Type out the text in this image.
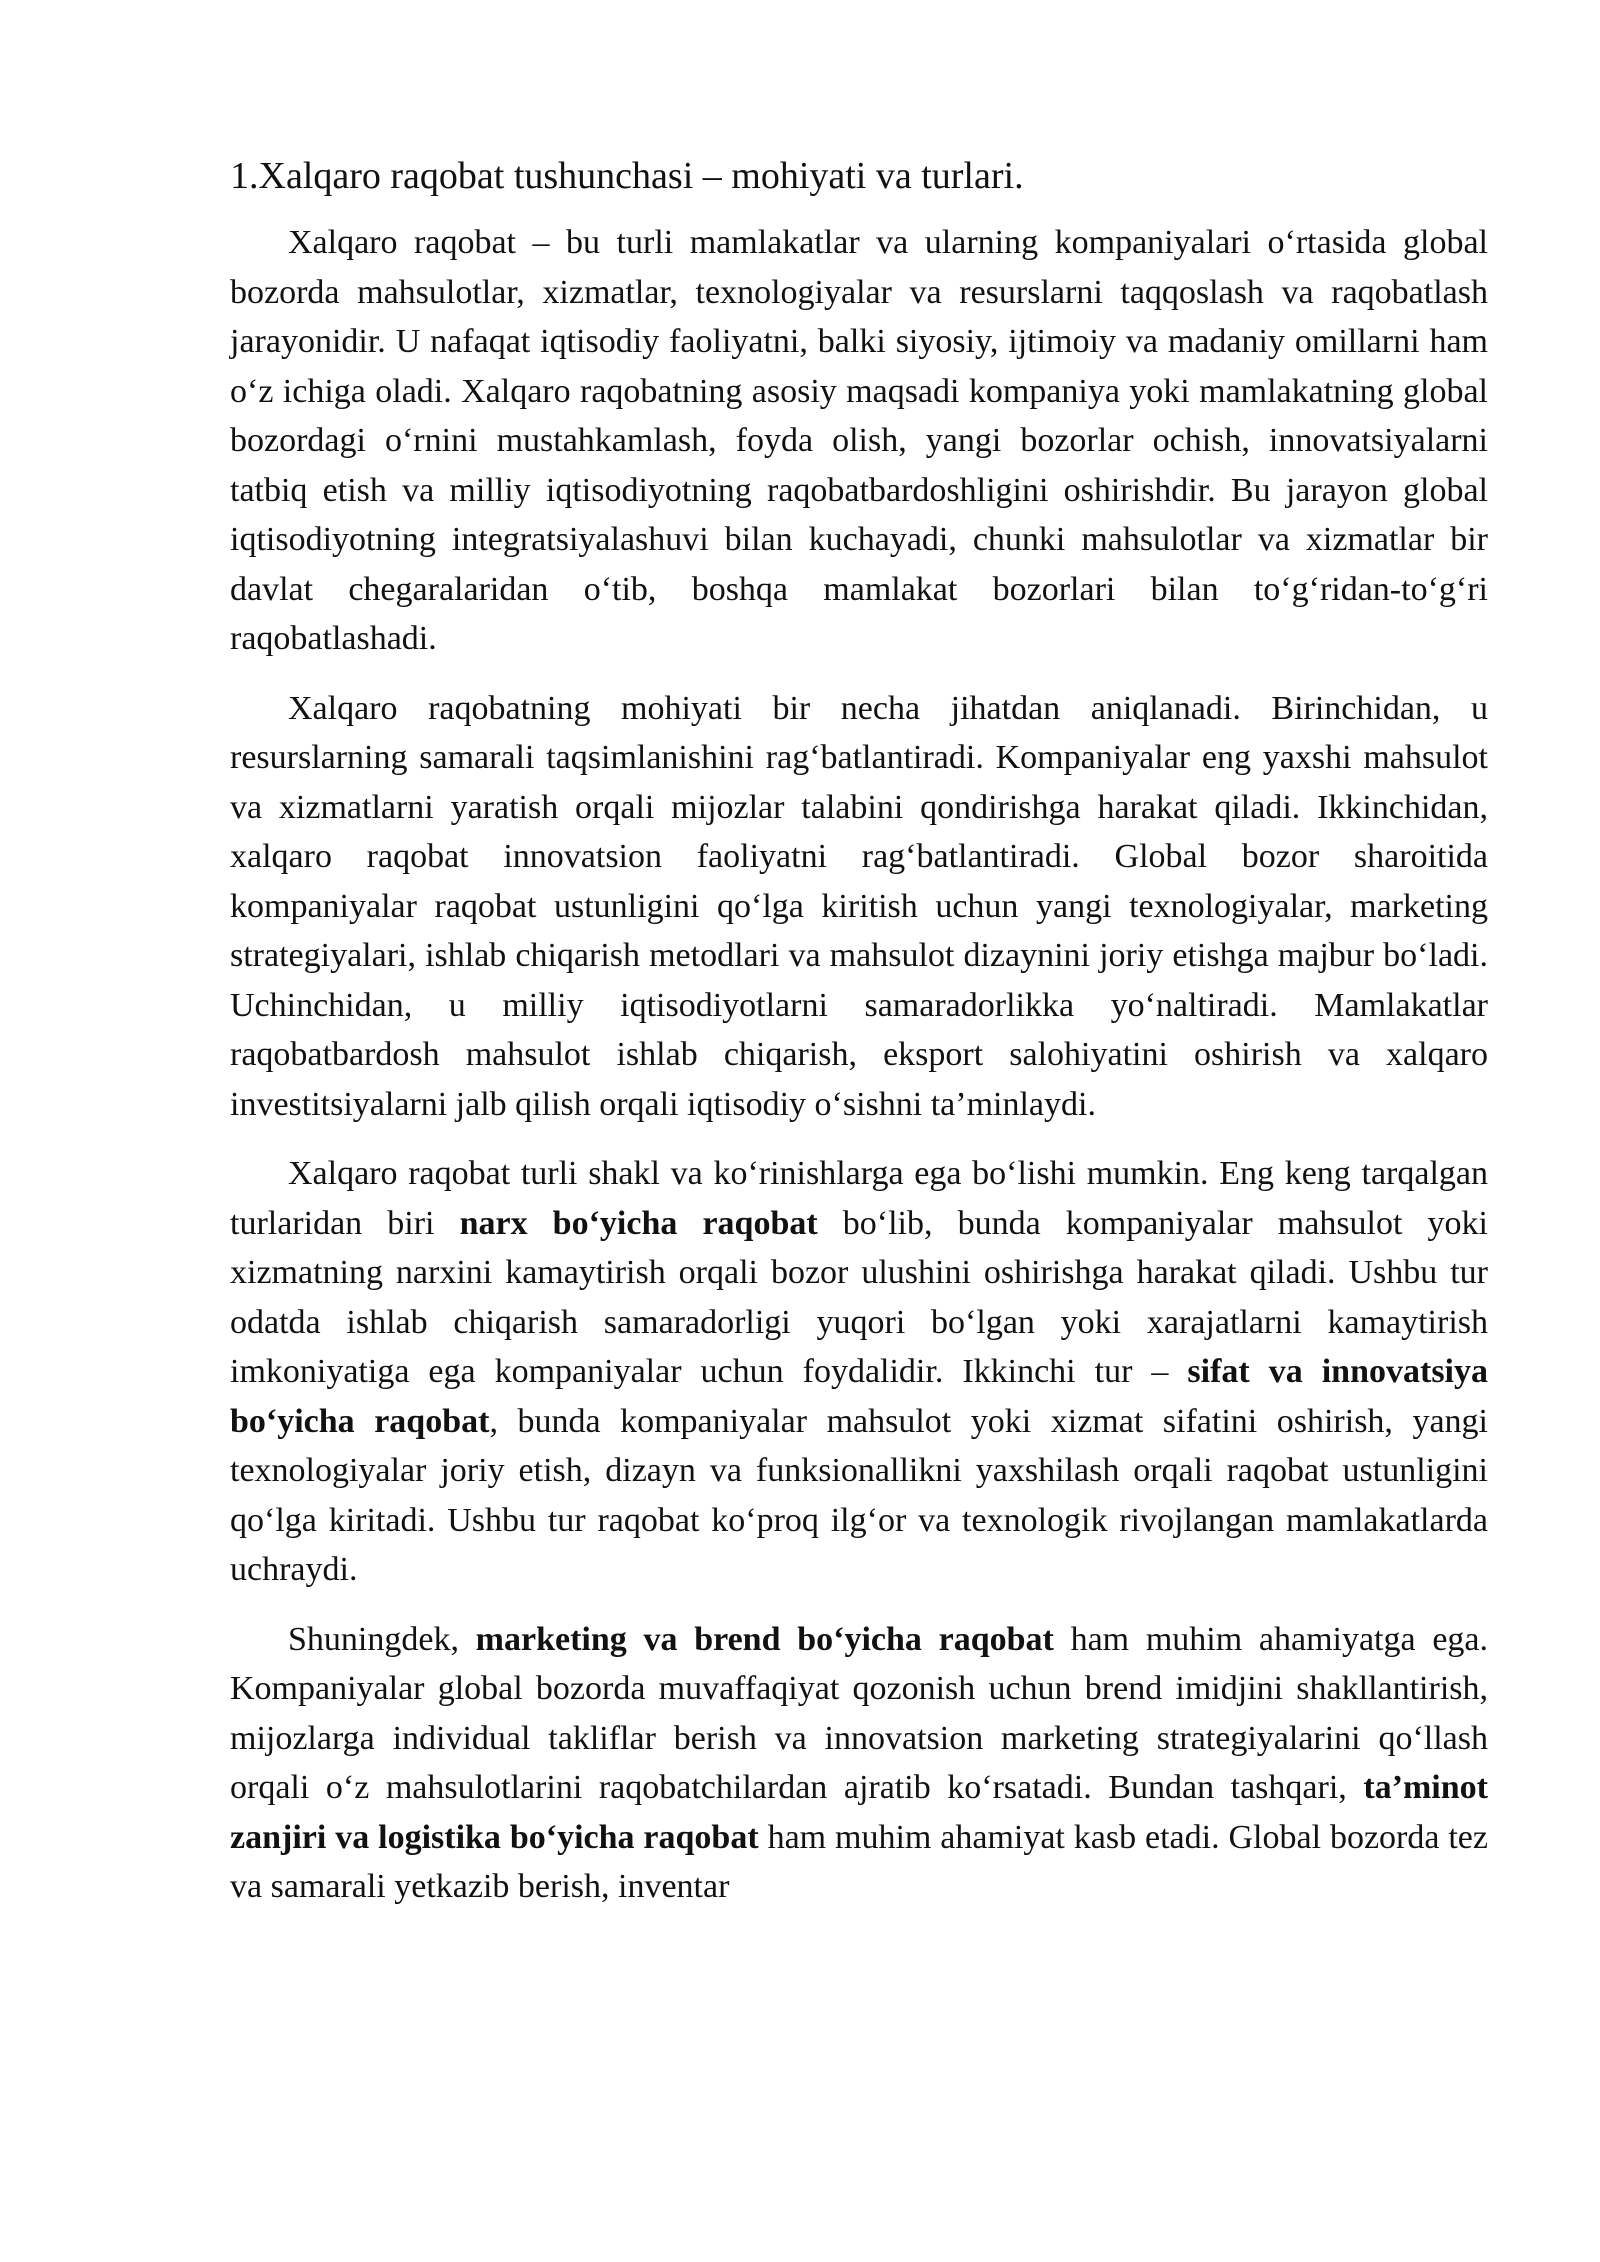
1.Xalqaro raqobat tushunchasi – mohiyati va turlari.

Xalqaro raqobat – bu turli mamlakatlar va ularning kompaniyalari o‘rtasida global bozorda mahsulotlar, xizmatlar, texnologiyalar va resurslarni taqqoslash va raqobatlash jarayonidir. U nafaqat iqtisodiy faoliyatni, balki siyosiy, ijtimoiy va madaniy omillarni ham o‘z ichiga oladi. Xalqaro raqobatning asosiy maqsadi kompaniya yoki mamlakatning global bozordagi o‘rnini mustahkamlash, foyda olish, yangi bozorlar ochish, innovatsiyalarni tatbiq etish va milliy iqtisodiyotning raqobatbardoshligini oshirishdir. Bu jarayon global iqtisodiyotning integratsiyalashuvi bilan kuchayadi, chunki mahsulotlar va xizmatlar bir davlat chegaralaridan o‘tib, boshqa mamlakat bozorlari bilan to‘g‘ridan-to‘g‘ri raqobatlashadi.

Xalqaro raqobatning mohiyati bir necha jihatdan aniqlanadi. Birinchidan, u resurslarning samarali taqsimlanishini rag‘batlantiradi. Kompaniyalar eng yaxshi mahsulot va xizmatlarni yaratish orqali mijozlar talabini qondirishga harakat qiladi. Ikkinchidan, xalqaro raqobat innovatsion faoliyatni rag‘batlantiradi. Global bozor sharoitida kompaniyalar raqobat ustunligini qo‘lga kiritish uchun yangi texnologiyalar, marketing strategiyalari, ishlab chiqarish metodlari va mahsulot dizaynini joriy etishga majbur bo‘ladi. Uchinchidan, u milliy iqtisodiyotlarni samaradorlikka yo‘naltiradi. Mamlakatlar raqobatbardosh mahsulot ishlab chiqarish, eksport salohiyatini oshirish va xalqaro investitsiyalarni jalb qilish orqali iqtisodiy o‘sishni ta’minlaydi.

Xalqaro raqobat turli shakl va ko‘rinishlarga ega bo‘lishi mumkin. Eng keng tarqalgan turlaridan biri narx bo‘yicha raqobat bo‘lib, bunda kompaniyalar mahsulot yoki xizmatning narxini kamaytirish orqali bozor ulushini oshirishga harakat qiladi. Ushbu tur odatda ishlab chiqarish samaradorligi yuqori bo‘lgan yoki xarajatlarni kamaytirish imkoniyatiga ega kompaniyalar uchun foydalidir. Ikkinchi tur – sifat va innovatsiya bo‘yicha raqobat, bunda kompaniyalar mahsulot yoki xizmat sifatini oshirish, yangi texnologiyalar joriy etish, dizayn va funksionallikni yaxshilash orqali raqobat ustunligini qo‘lga kiritadi. Ushbu tur raqobat ko‘proq ilg‘or va texnologik rivojlangan mamlakatlarda uchraydi.

Shuningdek, marketing va brend bo‘yicha raqobat ham muhim ahamiyatga ega. Kompaniyalar global bozorda muvaffaqiyat qozonish uchun brend imidjini shakllantirish, mijozlarga individual takliflar berish va innovatsion marketing strategiyalarini qo‘llash orqali o‘z mahsulotlarini raqobatchilardan ajratib ko‘rsatadi. Bundan tashqari, ta’minot zanjiri va logistika bo‘yicha raqobat ham muhim ahamiyat kasb etadi. Global bozorda tez va samarali yetkazib berish, inventar
